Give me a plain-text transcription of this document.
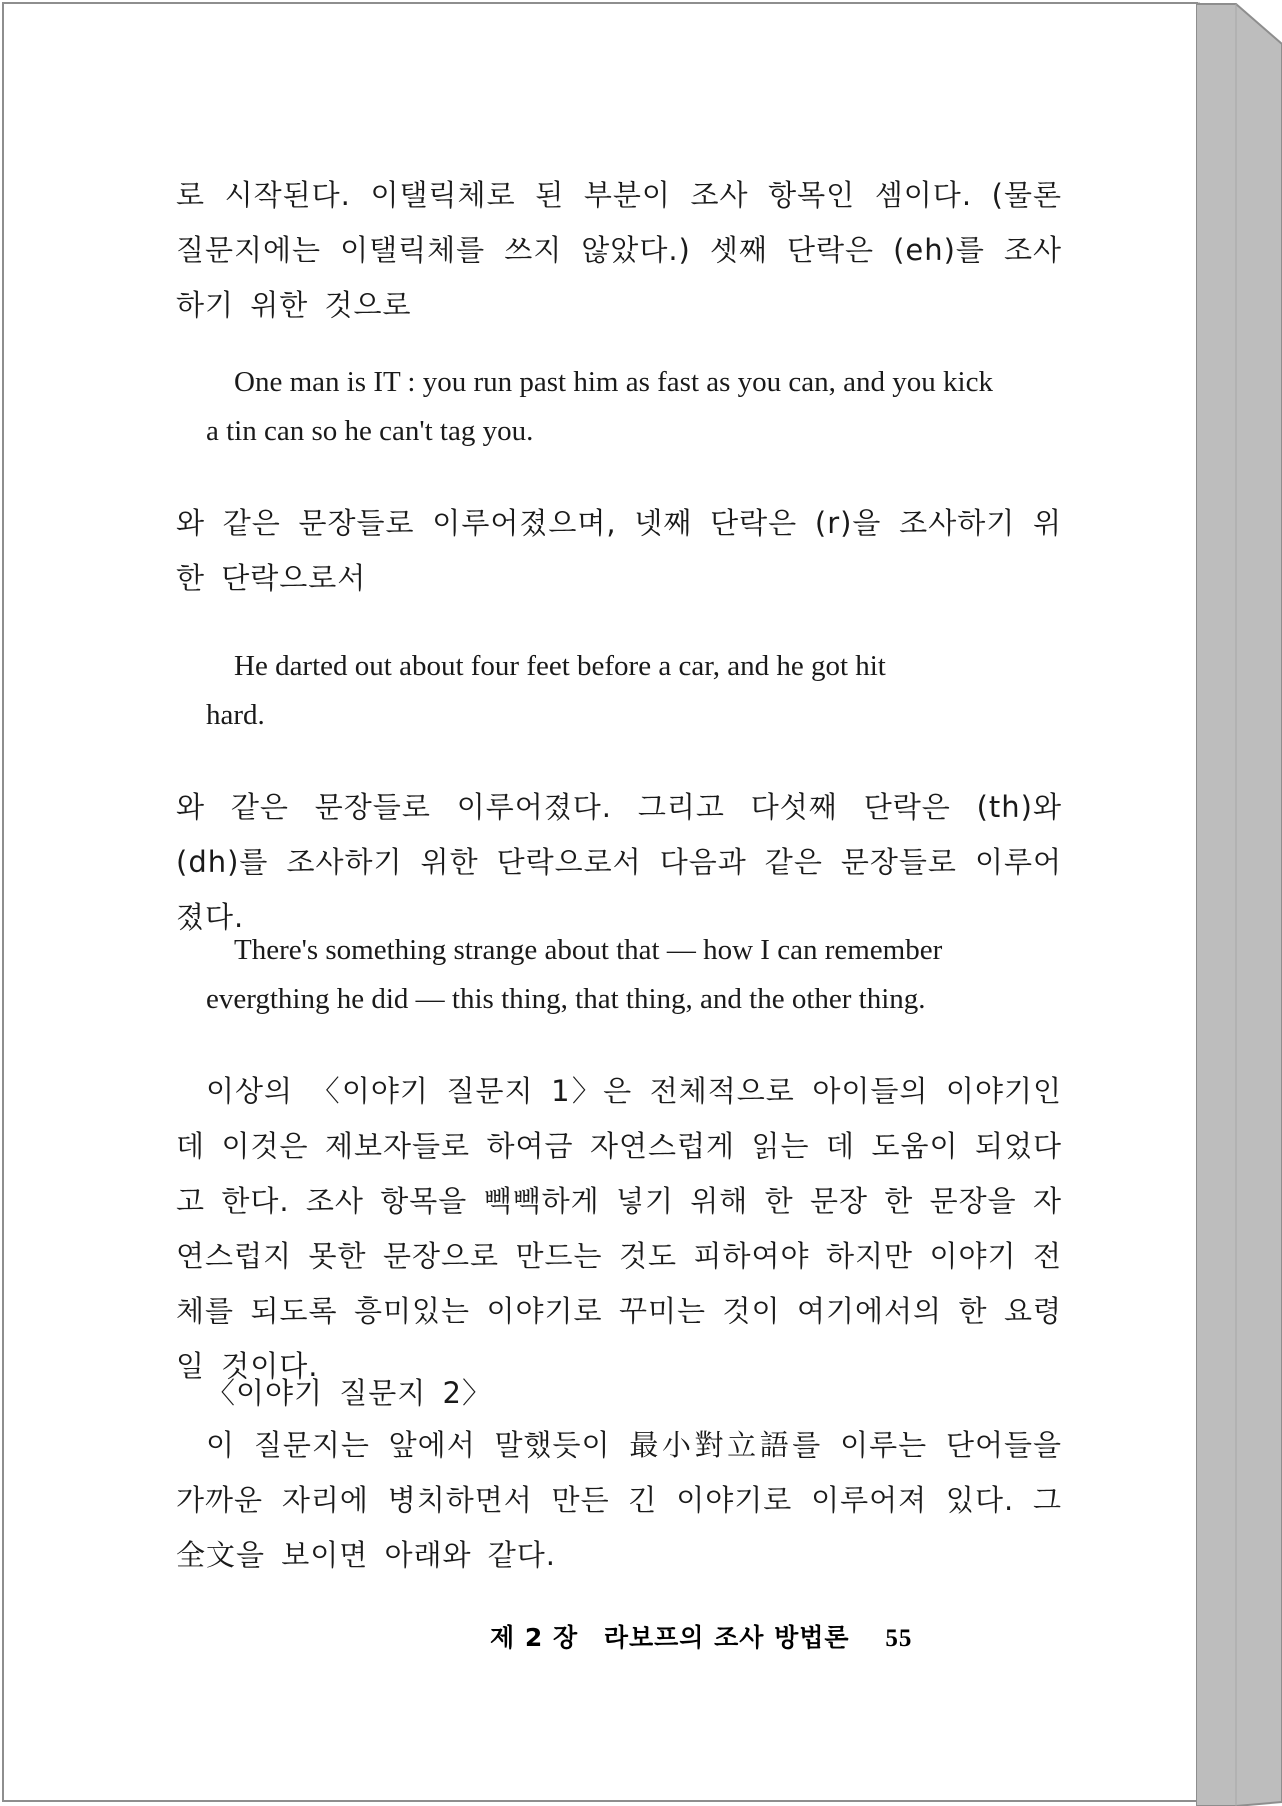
로 시작된다. 이탤릭체로 된 부분이 조사 항목인 셈이다. (물론 질문지에는 이탤릭체를 쓰지 않았다.) 셋째 단락은 (eh)를 조사하기 위한 것으로
One man is IT : you run past him as fast as you can, and you kick
a tin can so he can't tag you.
와 같은 문장들로 이루어졌으며, 넷째 단락은 (r)을 조사하기 위한 단락으로서
He darted out about four feet before a car, and he got hit
hard.
와 같은 문장들로 이루어졌다. 그리고 다섯째 단락은 (th)와 (dh)를 조사하기 위한 단락으로서 다음과 같은 문장들로 이루어졌다.
There's something strange about that — how I can remember
evergthing he did — this thing, that thing, and the other thing.
이상의 〈이야기 질문지 1〉은 전체적으로 아이들의 이야기인데 이것은 제보자들로 하여금 자연스럽게 읽는 데 도움이 되었다고 한다. 조사 항목을 빽빽하게 넣기 위해 한 문장 한 문장을 자연스럽지 못한 문장으로 만드는 것도 피하여야 하지만 이야기 전체를 되도록 흥미있는 이야기로 꾸미는 것이 여기에서의 한 요령일 것이다.
〈이야기 질문지 2〉
이 질문지는 앞에서 말했듯이 最小對立語를 이루는 단어들을 가까운 자리에 병치하면서 만든 긴 이야기로 이루어져 있다. 그 全文을 보이면 아래와 같다.
제 2 장 라보프의 조사 방법론 55
